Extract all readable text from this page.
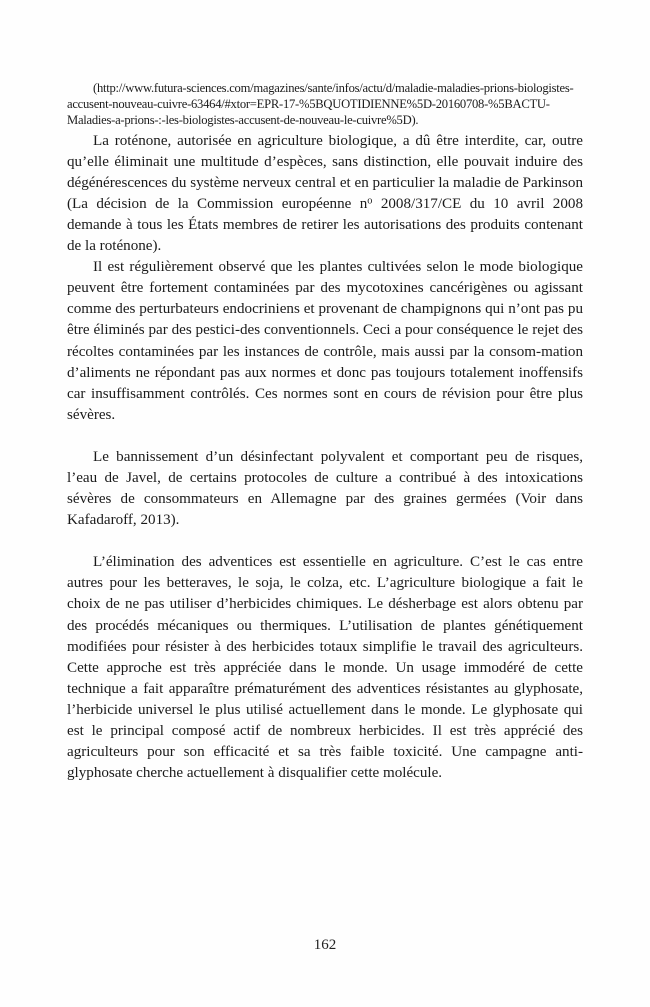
(http://www.futura-sciences.com/magazines/sante/infos/actu/d/maladie-maladies-prions-biologistes-accusent-nouveau-cuivre-63464/#xtor=EPR-17-%5BQUOTIDIENNE%5D-20160708-%5BACTU-Maladies-a-prions-:-les-biologistes-accusent-de-nouveau-le-cuivre%5D).

La roténone, autorisée en agriculture biologique, a dû être interdite, car, outre qu’elle éliminait une multitude d’espèces, sans distinction, elle pouvait induire des dégénérescences du système nerveux central et en particulier la maladie de Parkinson (La décision de la Commission européenne $n^o$ 2008/317/CE du 10 avril 2008 demande à tous les États membres de retirer les autorisations des produits contenant de la roténone).

Il est régulièrement observé que les plantes cultivées selon le mode biologique peuvent être fortement contaminées par des mycotoxines cancérigènes ou agissant comme des perturbateurs endocriniens et provenant de champignons qui n’ont pas pu être éliminés par des pestici-des conventionnels. Ceci a pour conséquence le rejet des récoltes contaminées par les instances de contrôle, mais aussi par la consom-mation d’aliments ne répondant pas aux normes et donc pas toujours totalement inoffensifs car insuffisamment contrôlés. Ces normes sont en cours de révision pour être plus sévères.

Le bannissement d’un désinfectant polyvalent et comportant peu de risques, l’eau de Javel, de certains protocoles de culture a contribué à des intoxications sévères de consommateurs en Allemagne par des graines germées (Voir dans Kafadaroff, 2013).

L’élimination des adventices est essentielle en agriculture. C’est le cas entre autres pour les betteraves, le soja, le colza, etc. L’agriculture biologique a fait le choix de ne pas utiliser d’herbicides chimiques. Le désherbage est alors obtenu par des procédés mécaniques ou thermiques. L’utilisation de plantes génétiquement modifiées pour résister à des herbicides totaux simplifie le travail des agriculteurs. Cette approche est très appréciée dans le monde. Un usage immodéré de cette technique a fait apparaître prématurément des adventices résistantes au glyphosate, l’herbicide universel le plus utilisé actuellement dans le monde. Le glyphosate qui est le principal composé actif de nombreux herbicides. Il est très apprécié des agriculteurs pour son efficacité et sa très faible toxicité. Une campagne anti-glyphosate cherche actuellement à disqualifier cette molécule.

162
